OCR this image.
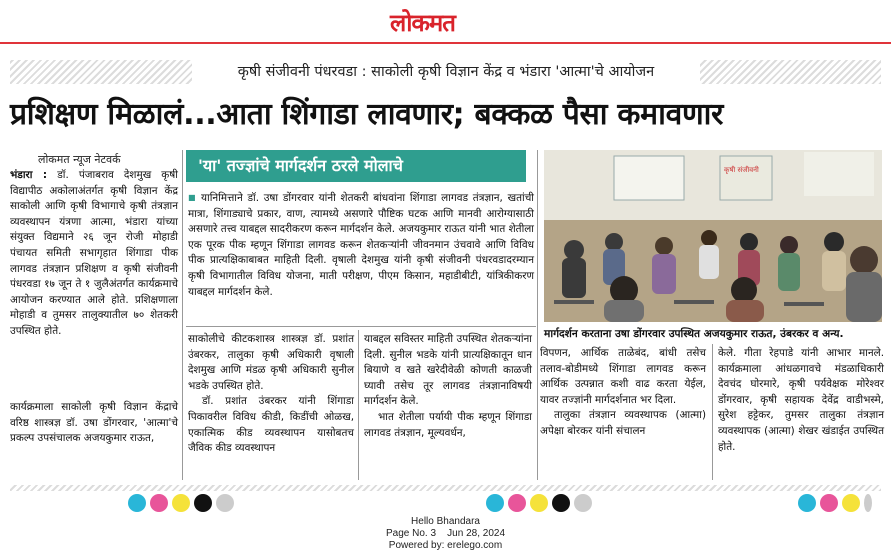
लोकमत
कृषी संजीवनी पंधरवडा : साकोली कृषी विज्ञान केंद्र व भंडारा 'आत्मा'चे आयोजन
प्रशिक्षण मिळालं...आता शिंगाडा लावणार; बक्कळ पैसा कमावणार
लोकमत न्यूज नेटवर्क

भंडारा : डॉ. पंजाबराव देशमुख कृषी विद्यापीठ अकोलाअंतर्गत कृषी विज्ञान केंद्र साकोली आणि कृषी विभागाचे कृषी तंत्रज्ञान व्यवस्थापन यंत्रणा आत्मा, भंडारा यांच्या संयुक्त विद्यमाने २६ जून रोजी मोहाडी पंचायत समिती सभागृहात शिंगाडा पीक लागवड तंत्रज्ञान प्रशिक्षण व कृषी संजीवनी पंधरवडा १७ जून ते १ जुलैअंतर्गत कार्यक्रमाचे आयोजन करण्यात आले होते. प्रशिक्षणाला मोहाडी व तुमसर तालुक्यातील ७० शेतकरी उपस्थित होते.

कार्यक्रमाला साकोली कृषी विज्ञान केंद्राचे वरिष्ठ शास्त्रज्ञ डॉ. उषा डोंगरवार, 'आत्मा'चे प्रकल्प उपसंचालक अजयकुमार राऊत,

'या' तज्ज्ञांचे मार्गदर्शन ठरले मोलाचे

■ यानिमित्ताने डॉ. उषा डोंगरवार यांनी शेतकरी बांधवांना शिंगाडा लागवड तंत्रज्ञान, खतांची मात्रा, शिंगाड्याचे प्रकार, वाण, त्यामध्ये असणारे पौष्टिक घटक आणि मानवी आरोग्यासाठी असणारे तत्त्व याबद्दल सादरीकरण करून मार्गदर्शन केले. अजयकुमार राऊत यांनी भात शेतीला एक पूरक पीक म्हणून शिंगाडा लागवड करून शेतकऱ्यांनी जीवनमान उंचवावे आणि विविध पीक प्रात्यक्षिकाबाबत माहिती दिली. वृषाली देशमुख यांनी कृषी संजीवनी पंधरवडादरम्यान कृषी विभागातील विविध योजना, माती परीक्षण, पीएम किसान, महाडीबीटी, यांत्रिकीकरण याबद्दल मार्गदर्शन केले.

साकोलीचे कीटकशास्त्र शास्त्रज्ञ डॉ. प्रशांत उंबरकर, तालुका कृषी अधिकारी वृषाली देशमुख आणि मंडळ कृषी अधिकारी सुनील भडके उपस्थित होते.

डॉ. प्रशांत उंबरकर यांनी शिंगाडा पिकावरील विविध कीडी, किडींची ओळख, एकात्मिक कीड व्यवस्थापन यासोबतच जैविक कीड व्यवस्थापन

याबद्दल सविस्तर माहिती उपस्थित शेतकऱ्यांना दिली. सुनील भडके यांनी प्रात्यक्षिकातून धान बियाणे व खते खरेदीवेळी कोणती काळजी घ्यावी तसेच तूर लागवड तंत्रज्ञानाविषयी मार्गदर्शन केले.

भात शेतीला पर्यायी पीक म्हणून शिंगाडा लागवड तंत्रज्ञान, मूल्यवर्धन,

कृषी संजीवनी
मार्गदर्शन करताना उषा डोंगरवार उपस्थित अजयकुमार राऊत, उंबरकर व अन्य.

विपणन, आर्थिक ताळेबंद, बांधी तसेच तलाव-बोडीमध्ये शिंगाडा लागवड करून आर्थिक उत्पन्नात कशी वाढ करता येईल, यावर तज्ज्ञांनी मार्गदर्शनात भर दिला.

तालुका तंत्रज्ञान व्यवस्थापक (आत्मा) अपेक्षा बोरकर यांनी संचालन

केले. गीता रेहपाडे यांनी आभार मानले. कार्यक्रमाला आंधळगावचे मंडळाधिकारी देवचंद घोरमारे, कृषी पर्यवेक्षक मोरेश्वर डोंगरवार, कृषी सहायक देवेंद्र वाडीभस्मे, सुरेश हट्टेकर, तुमसर तालुका तंत्रज्ञान व्यवस्थापक (आत्मा) शेखर खंडाईत उपस्थित होते.

Hello Bhandara
Page No. 3 Jun 28, 2024
Powered by: erelego.com
